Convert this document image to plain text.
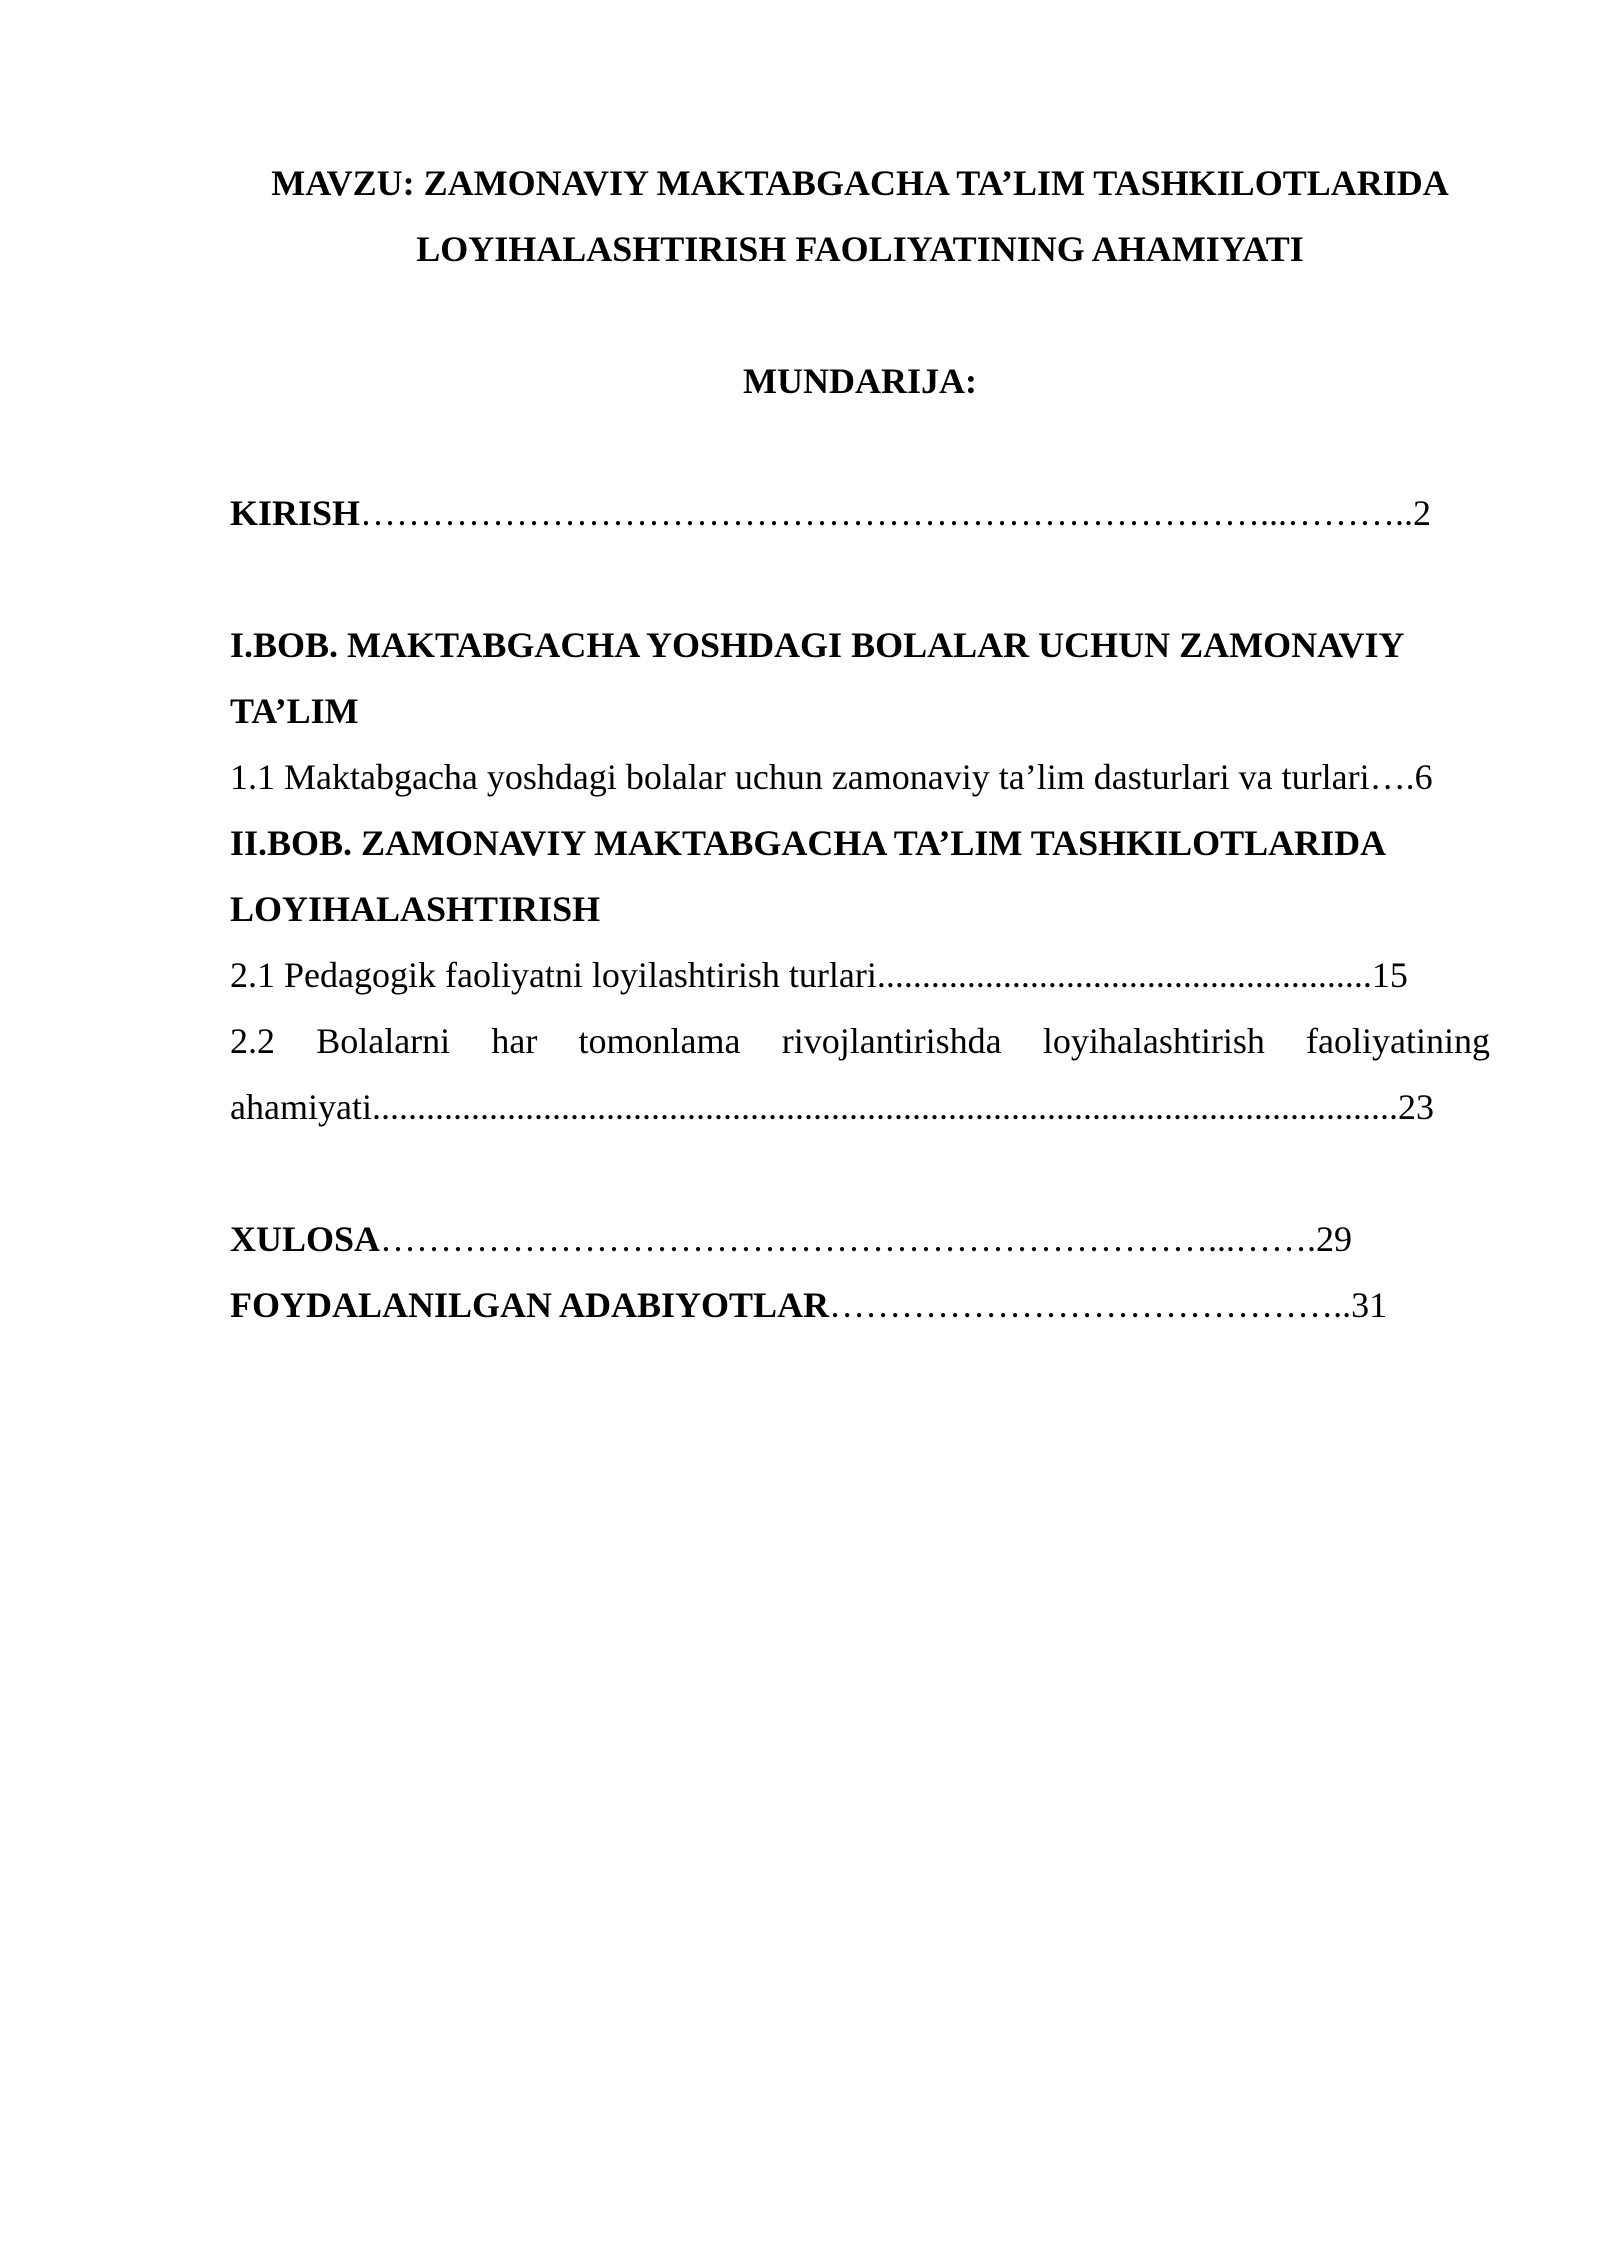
MAVZU: ZAMONAVIY MAKTABGACHA TA’LIM TASHKILOTLARIDA
LOYIHALASHTIRISH FAOLIYATINING AHAMIYATI

MUNDARIJA:

KIRISH…………………………………………………………………...………..2
I.BOB. MAKTABGACHA YOSHDAGI BOLALAR UCHUN ZAMONAVIY
TA’LIM
1.1 Maktabgacha yoshdagi bolalar uchun zamonaviy ta’lim dasturlari va turlari….6
II.BOB. ZAMONAVIY MAKTABGACHA TA’LIM TASHKILOTLARIDA
LOYIHALASHTIRISH
2.1 Pedagogik faoliyatni loyilashtirish turlari.......................................................15
2.2 Bolalarni har tomonlama rivojlantirishda loyihalashtirish faoliyatining
ahamiyati..................................................................................................................23
XULOSA……………………………………………………………...…….29
FOYDALANILGAN ADABIYOTLAR……………………………………..31
